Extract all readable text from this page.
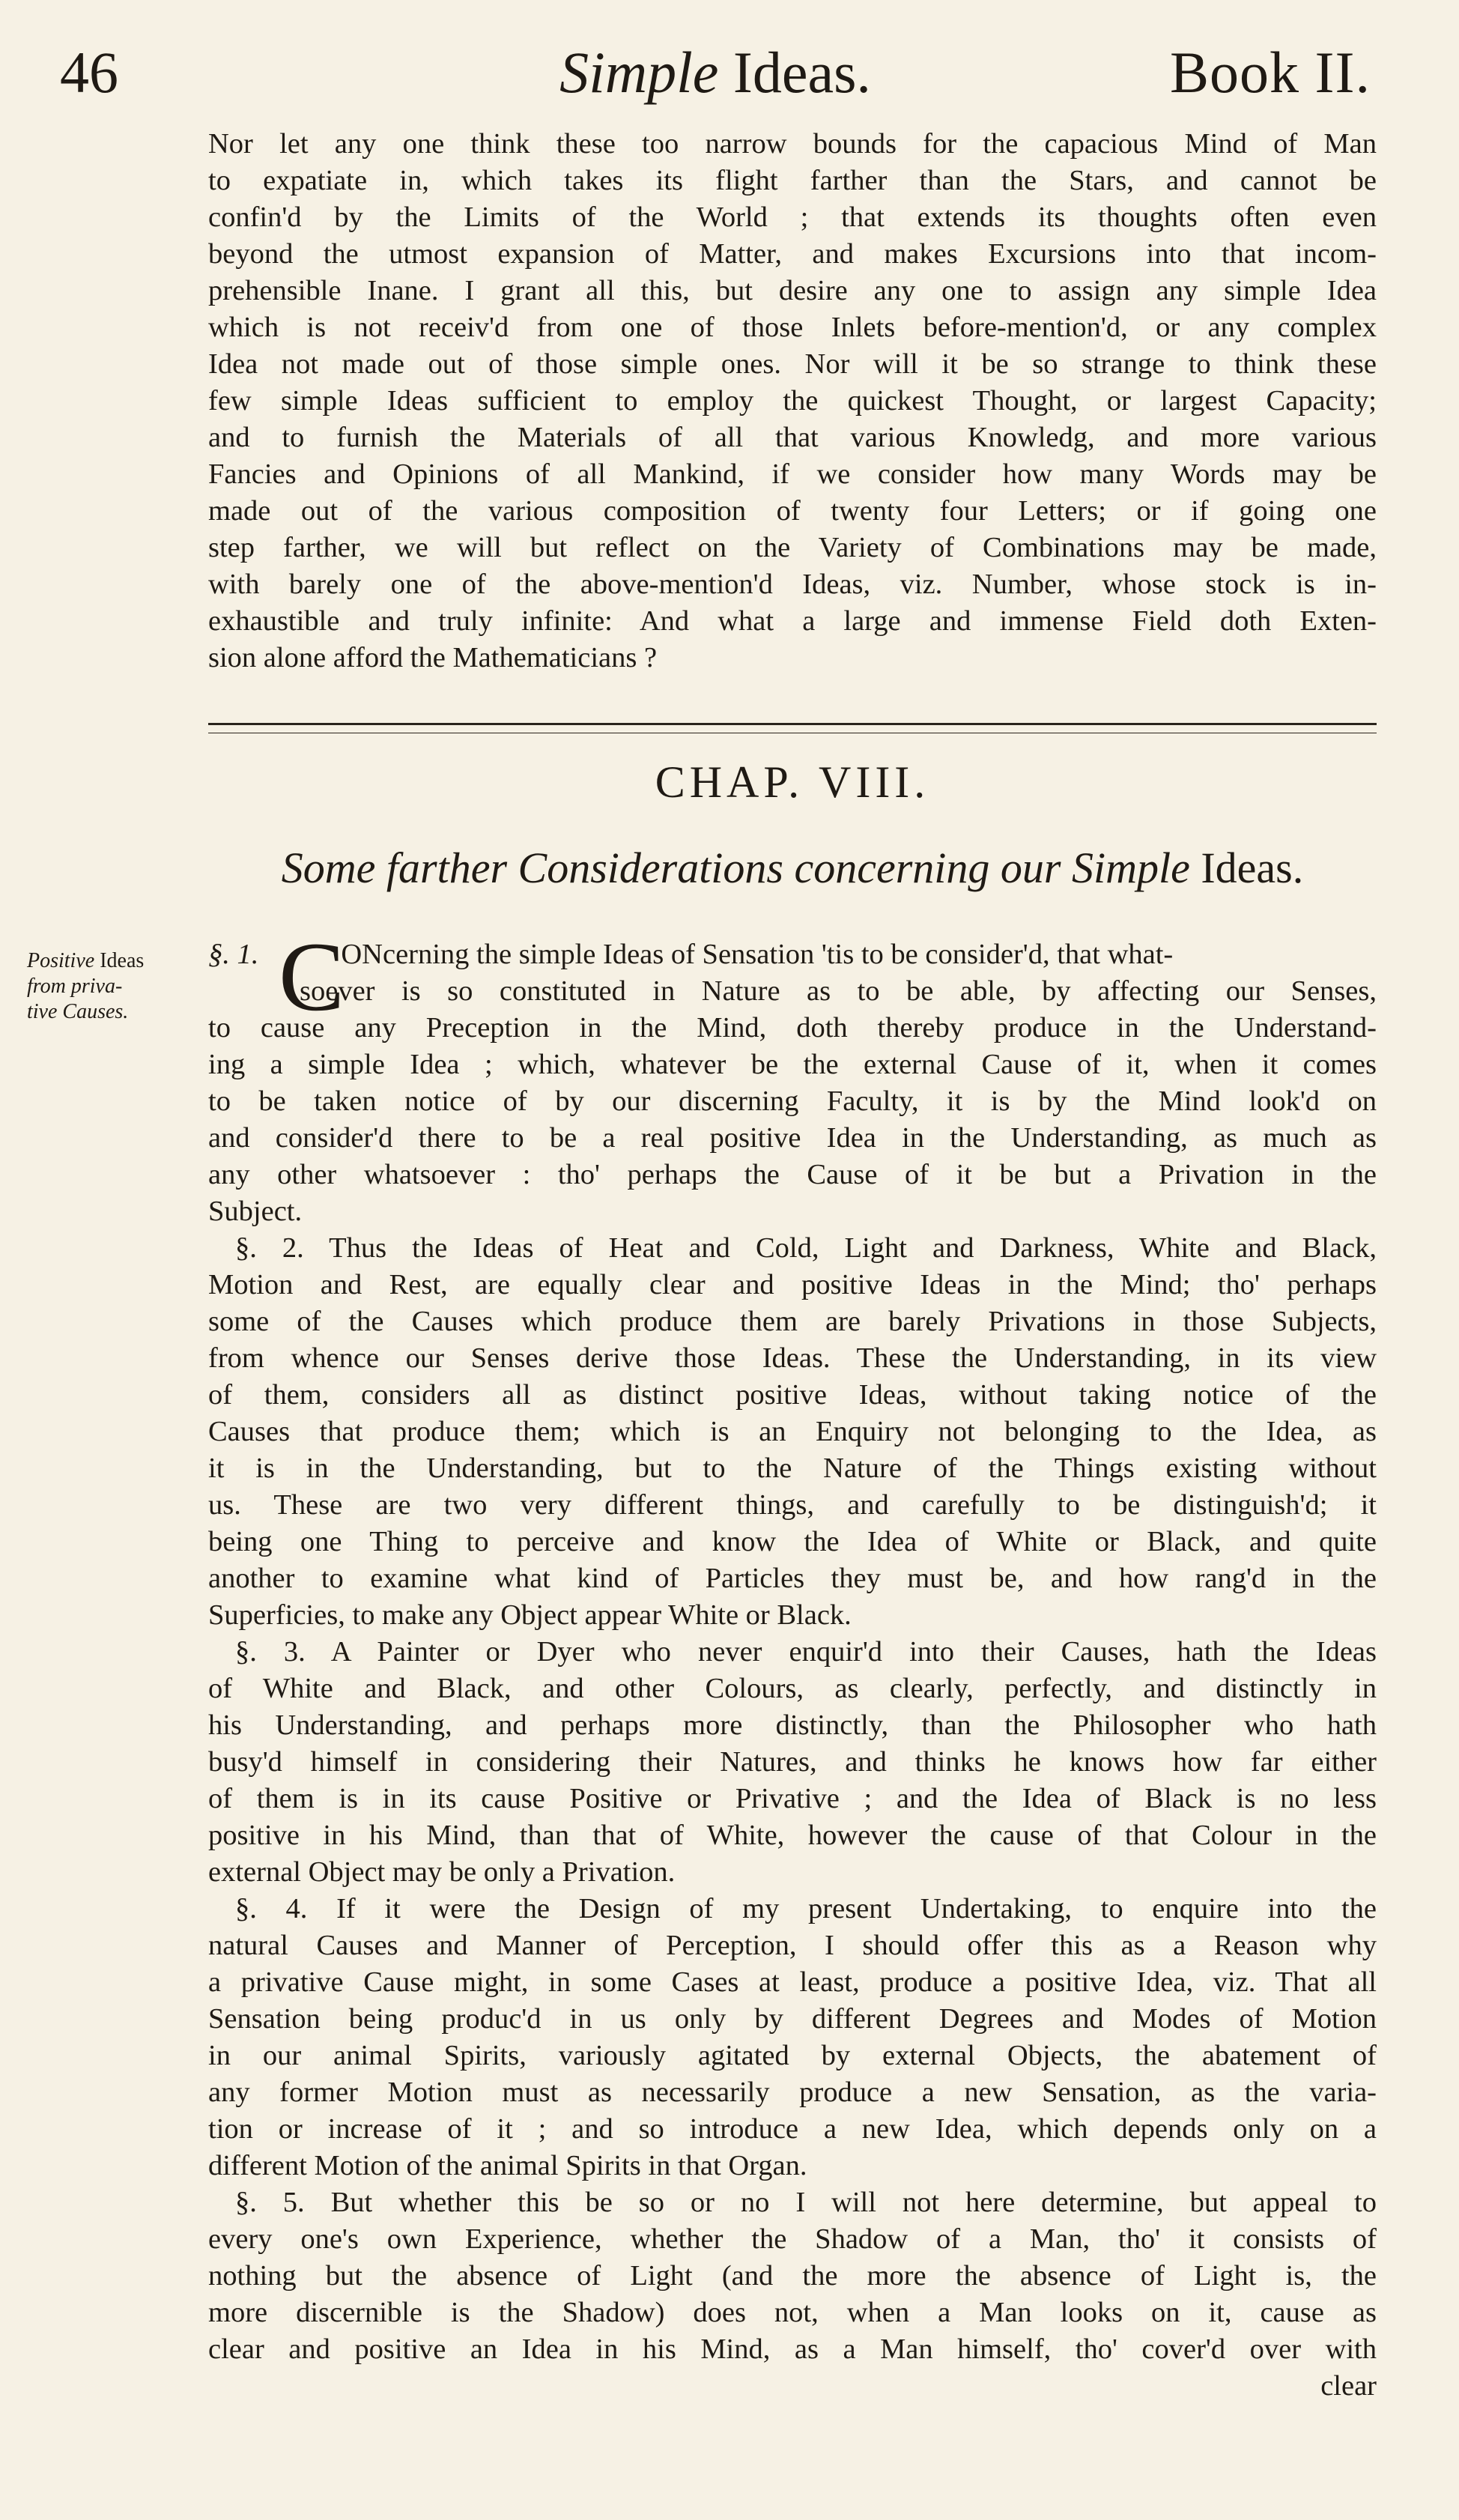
46	Simple Ideas.	Book II.
Nor let any one think these too narrow bounds for the capacious Mind of Man
to expatiate in, which takes its flight farther than the Stars, and cannot be
confin'd by the Limits of the World ; that extends its thoughts often even
beyond the utmost expansion of Matter, and makes Excursions into that incom-
prehensible Inane. I grant all this, but desire any one to assign any simple Idea
which is not receiv'd from one of those Inlets before-mention'd, or any complex
Idea not made out of those simple ones. Nor will it be so strange to think these
few simple Ideas sufficient to employ the quickest Thought, or largest Capacity;
and to furnish the Materials of all that various Knowledg, and more various
Fancies and Opinions of all Mankind, if we consider how many Words may be
made out of the various composition of twenty four Letters; or if going one
step farther, we will but reflect on the Variety of Combinations may be made,
with barely one of the above-mention'd Ideas, viz. Number, whose stock is in-
exhaustible and truly infinite: And what a large and immense Field doth Exten-
sion alone afford the Mathematicians ?
CHAP. VIII.
Some farther Considerations concerning our Simple Ideas.
Positive Ideas
from priva-
tive Causes.
§. 1.	ONcerning the simple Ideas of Sensation 'tis to be consider'd, that what-
soever is so constituted in Nature as to be able, by affecting our Senses,
to cause any Preception in the Mind, doth thereby produce in the Understand-
ing a simple Idea ; which, whatever be the external Cause of it, when it comes
to be taken notice of by our discerning Faculty, it is by the Mind look'd on
and consider'd there to be a real positive Idea in the Understanding, as much as
any other whatsoever : tho' perhaps the Cause of it be but a Privation in the
Subject.
C
§. 2. Thus the Ideas of Heat and Cold, Light and Darkness, White and Black,
Motion and Rest, are equally clear and positive Ideas in the Mind; tho' perhaps
some of the Causes which produce them are barely Privations in those Subjects,
from whence our Senses derive those Ideas. These the Understanding, in its view
of them, considers all as distinct positive Ideas, without taking notice of the
Causes that produce them; which is an Enquiry not belonging to the Idea, as
it is in the Understanding, but to the Nature of the Things existing without
us. These are two very different things, and carefully to be distinguish'd; it
being one Thing to perceive and know the Idea of White or Black, and quite
another to examine what kind of Particles they must be, and how rang'd in the
Superficies, to make any Object appear White or Black.
§. 3. A Painter or Dyer who never enquir'd into their Causes, hath the Ideas
of White and Black, and other Colours, as clearly, perfectly, and distinctly in
his Understanding, and perhaps more distinctly, than the Philosopher who hath
busy'd himself in considering their Natures, and thinks he knows how far either
of them is in its cause Positive or Privative ; and the Idea of Black is no less
positive in his Mind, than that of White, however the cause of that Colour in the
external Object may be only a Privation.
§. 4. If it were the Design of my present Undertaking, to enquire into the
natural Causes and Manner of Perception, I should offer this as a Reason why
a privative Cause might, in some Cases at least, produce a positive Idea, viz. That all
Sensation being produc'd in us only by different Degrees and Modes of Motion
in our animal Spirits, variously agitated by external Objects, the abatement of
any former Motion must as necessarily produce a new Sensation, as the varia-
tion or increase of it ; and so introduce a new Idea, which depends only on a
different Motion of the animal Spirits in that Organ.
§. 5. But whether this be so or no I will not here determine, but appeal to
every one's own Experience, whether the Shadow of a Man, tho' it consists of
nothing but the absence of Light (and the more the absence of Light is, the
more discernible is the Shadow) does not, when a Man looks on it, cause as
clear and positive an Idea in his Mind, as a Man himself, tho' cover'd over with
clear
